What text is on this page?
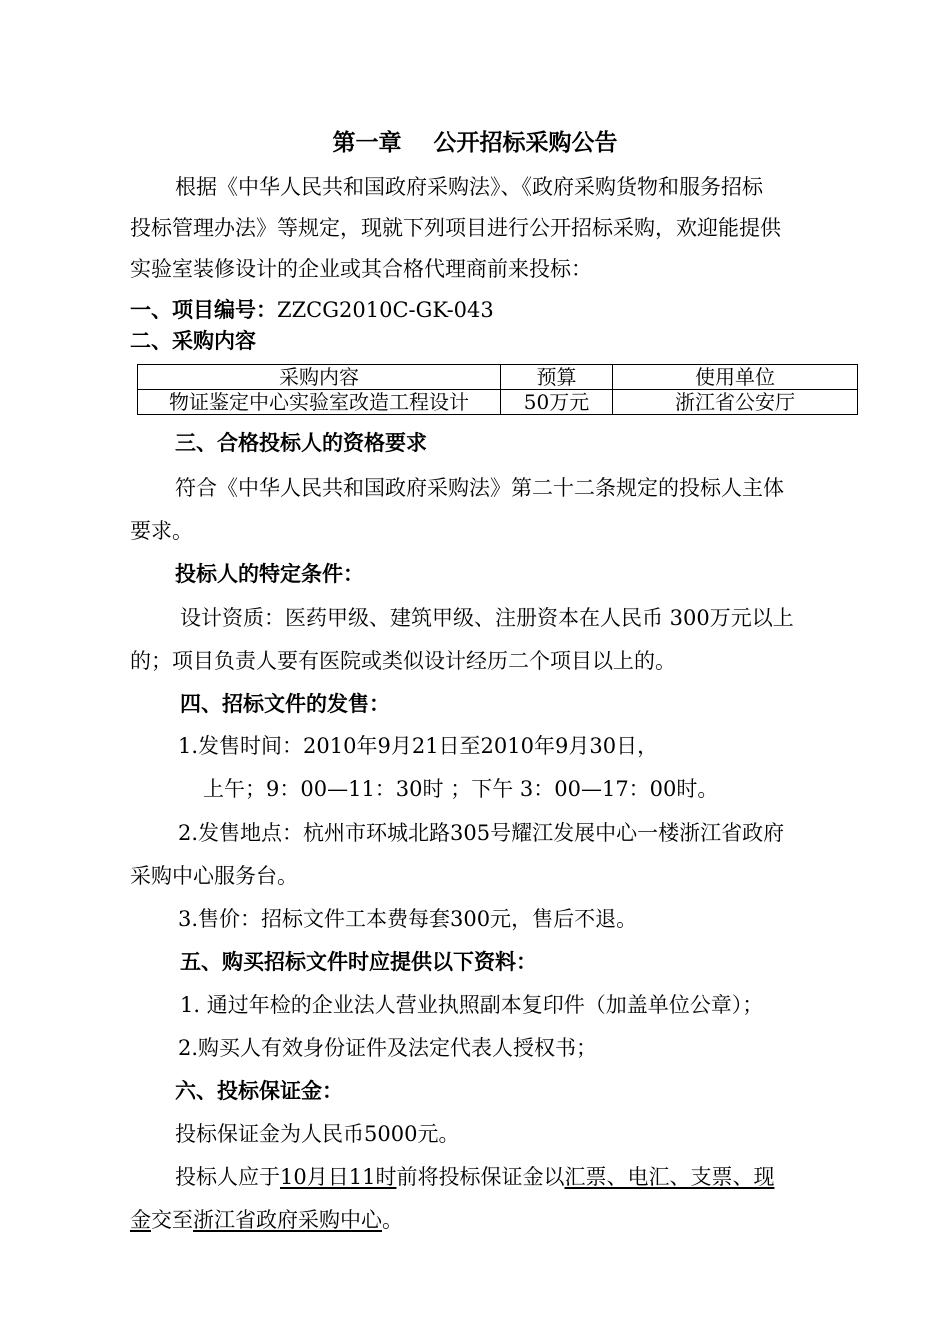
第一章    公开招标采购公告
根据《中华人民共和国政府采购法》、《政府采购货物和服务招标
投标管理办法》等规定，现就下列项目进行公开招标采购，欢迎能提供
实验室装修设计的企业或其合格代理商前来投标：
一、项目编号：ZZCG2010C-GK-043
二、采购内容
采购内容	预算	使用单位
物证鉴定中心实验室改造工程设计	50万元	浙江省公安厅
三、合格投标人的资格要求
符合《中华人民共和国政府采购法》第二十二条规定的投标人主体
要求。
投标人的特定条件：
设计资质：医药甲级、建筑甲级、注册资本在人民币 300万元以上
的；项目负责人要有医院或类似设计经历二个项目以上的。
四、招标文件的发售：
1.发售时间：2010年9月21日至2010年9月30日，
上午；9：00—11：30时 ；下午 3：00—17：00时。
2.发售地点：杭州市环城北路305号耀江发展中心一楼浙江省政府
采购中心服务台。
3.售价：招标文件工本费每套300元，售后不退。
五、购买招标文件时应提供以下资料：
1. 通过年检的企业法人营业执照副本复印件（加盖单位公章）；
2.购买人有效身份证件及法定代表人授权书；
六、投标保证金：
投标保证金为人民币5000元。
投标人应于10月日11时前将投标保证金以汇票、电汇、支票、现
金交至浙江省政府采购中心。
